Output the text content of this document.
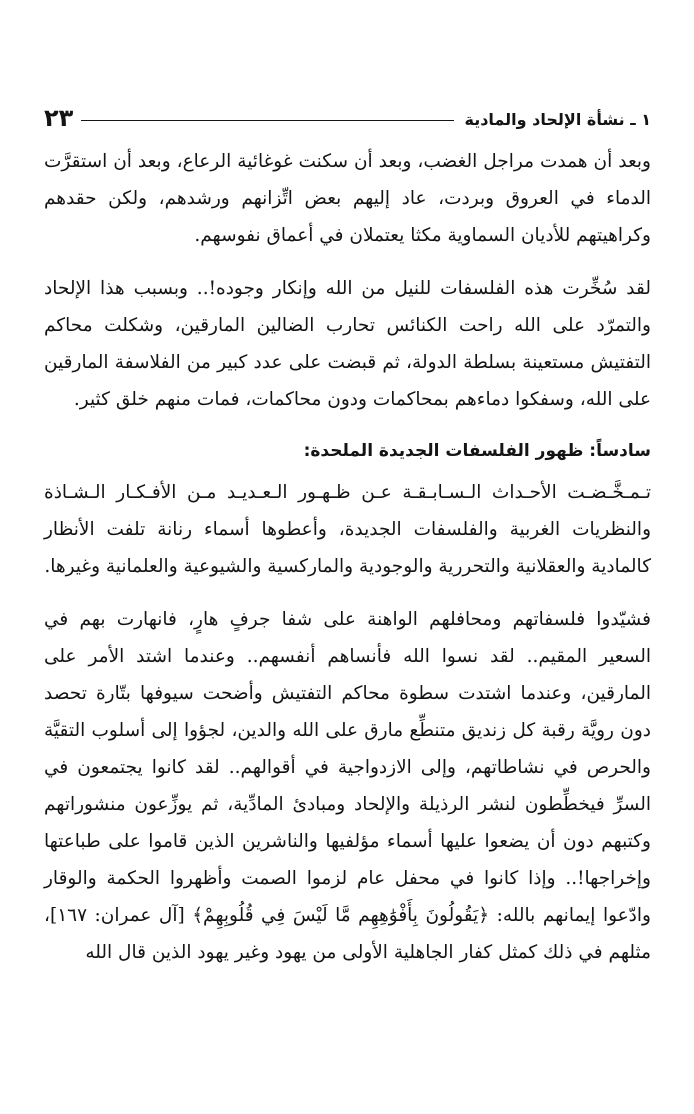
١ ـ نشأة الإلحاد والمادية
٢٣

وبعد أن همدت مراجل الغضب، وبعد أن سكنت غوغائية الرعاع، وبعد أن استقرَّت الدماء في العروق وبردت، عاد إليهم بعض اتِّزانهم ورشدهم، ولكن حقدهم وكراهيتهم للأديان السماوية مكثا يعتملان في أعماق نفوسهم.

لقد سُخِّرت هذه الفلسفات للنيل من الله وإنكار وجوده!.. وبسبب هذا الإلحاد والتمرّد على الله راحت الكنائس تحارب الضالين المارقين، وشكلت محاكم التفتيش مستعينة بسلطة الدولة، ثم قبضت على عدد كبير من الفلاسفة المارقين على الله، وسفكوا دماءهم بمحاكمات ودون محاكمات، فمات منهم خلق كثير.

سادساً: ظهور الفلسفات الجديدة الملحدة:

تـمـخَّـضـت الأحـداث الـسـابـقـة عـن ظـهـور الـعـديـد مـن الأفـكـار الـشـاذة والنظريات الغربية والفلسفات الجديدة، وأعطوها أسماء رنانة تلفت الأنظار كالمادية والعقلانية والتحررية والوجودية والماركسية والشيوعية والعلمانية وغيرها.

فشيّدوا فلسفاتهم ومحافلهم الواهنة على شفا جرفٍ هارٍ، فانهارت بهم في السعير المقيم.. لقد نسوا الله فأنساهم أنفسهم.. وعندما اشتد الأمر على المارقين، وعندما اشتدت سطوة محاكم التفتيش وأضحت سيوفها بتّارة تحصد دون رويَّة رقبة كل زنديق متنطِّع مارق على الله والدين، لجؤوا إلى أسلوب التقيَّة والحرص في نشاطاتهم، وإلى الازدواجية في أقوالهم.. لقد كانوا يجتمعون في السرِّ فيخطِّطون لنشر الرذيلة والإلحاد ومبادئ المادِّية، ثم يوزِّعون منشوراتهم وكتبهم دون أن يضعوا عليها أسماء مؤلفيها والناشرين الذين قاموا على طباعتها وإخراجها!.. وإذا كانوا في محفل عام لزموا الصمت وأظهروا الحكمة والوقار وادّعوا إيمانهم بالله: ﴿يَقُولُونَ بِأَفْوَٰهِهِم مَّا لَيْسَ فِي قُلُوبِهِمْ﴾ [آل عمران: ١٦٧]، مثلهم في ذلك كمثل كفار الجاهلية الأولى من يهود وغير يهود الذين قال الله
